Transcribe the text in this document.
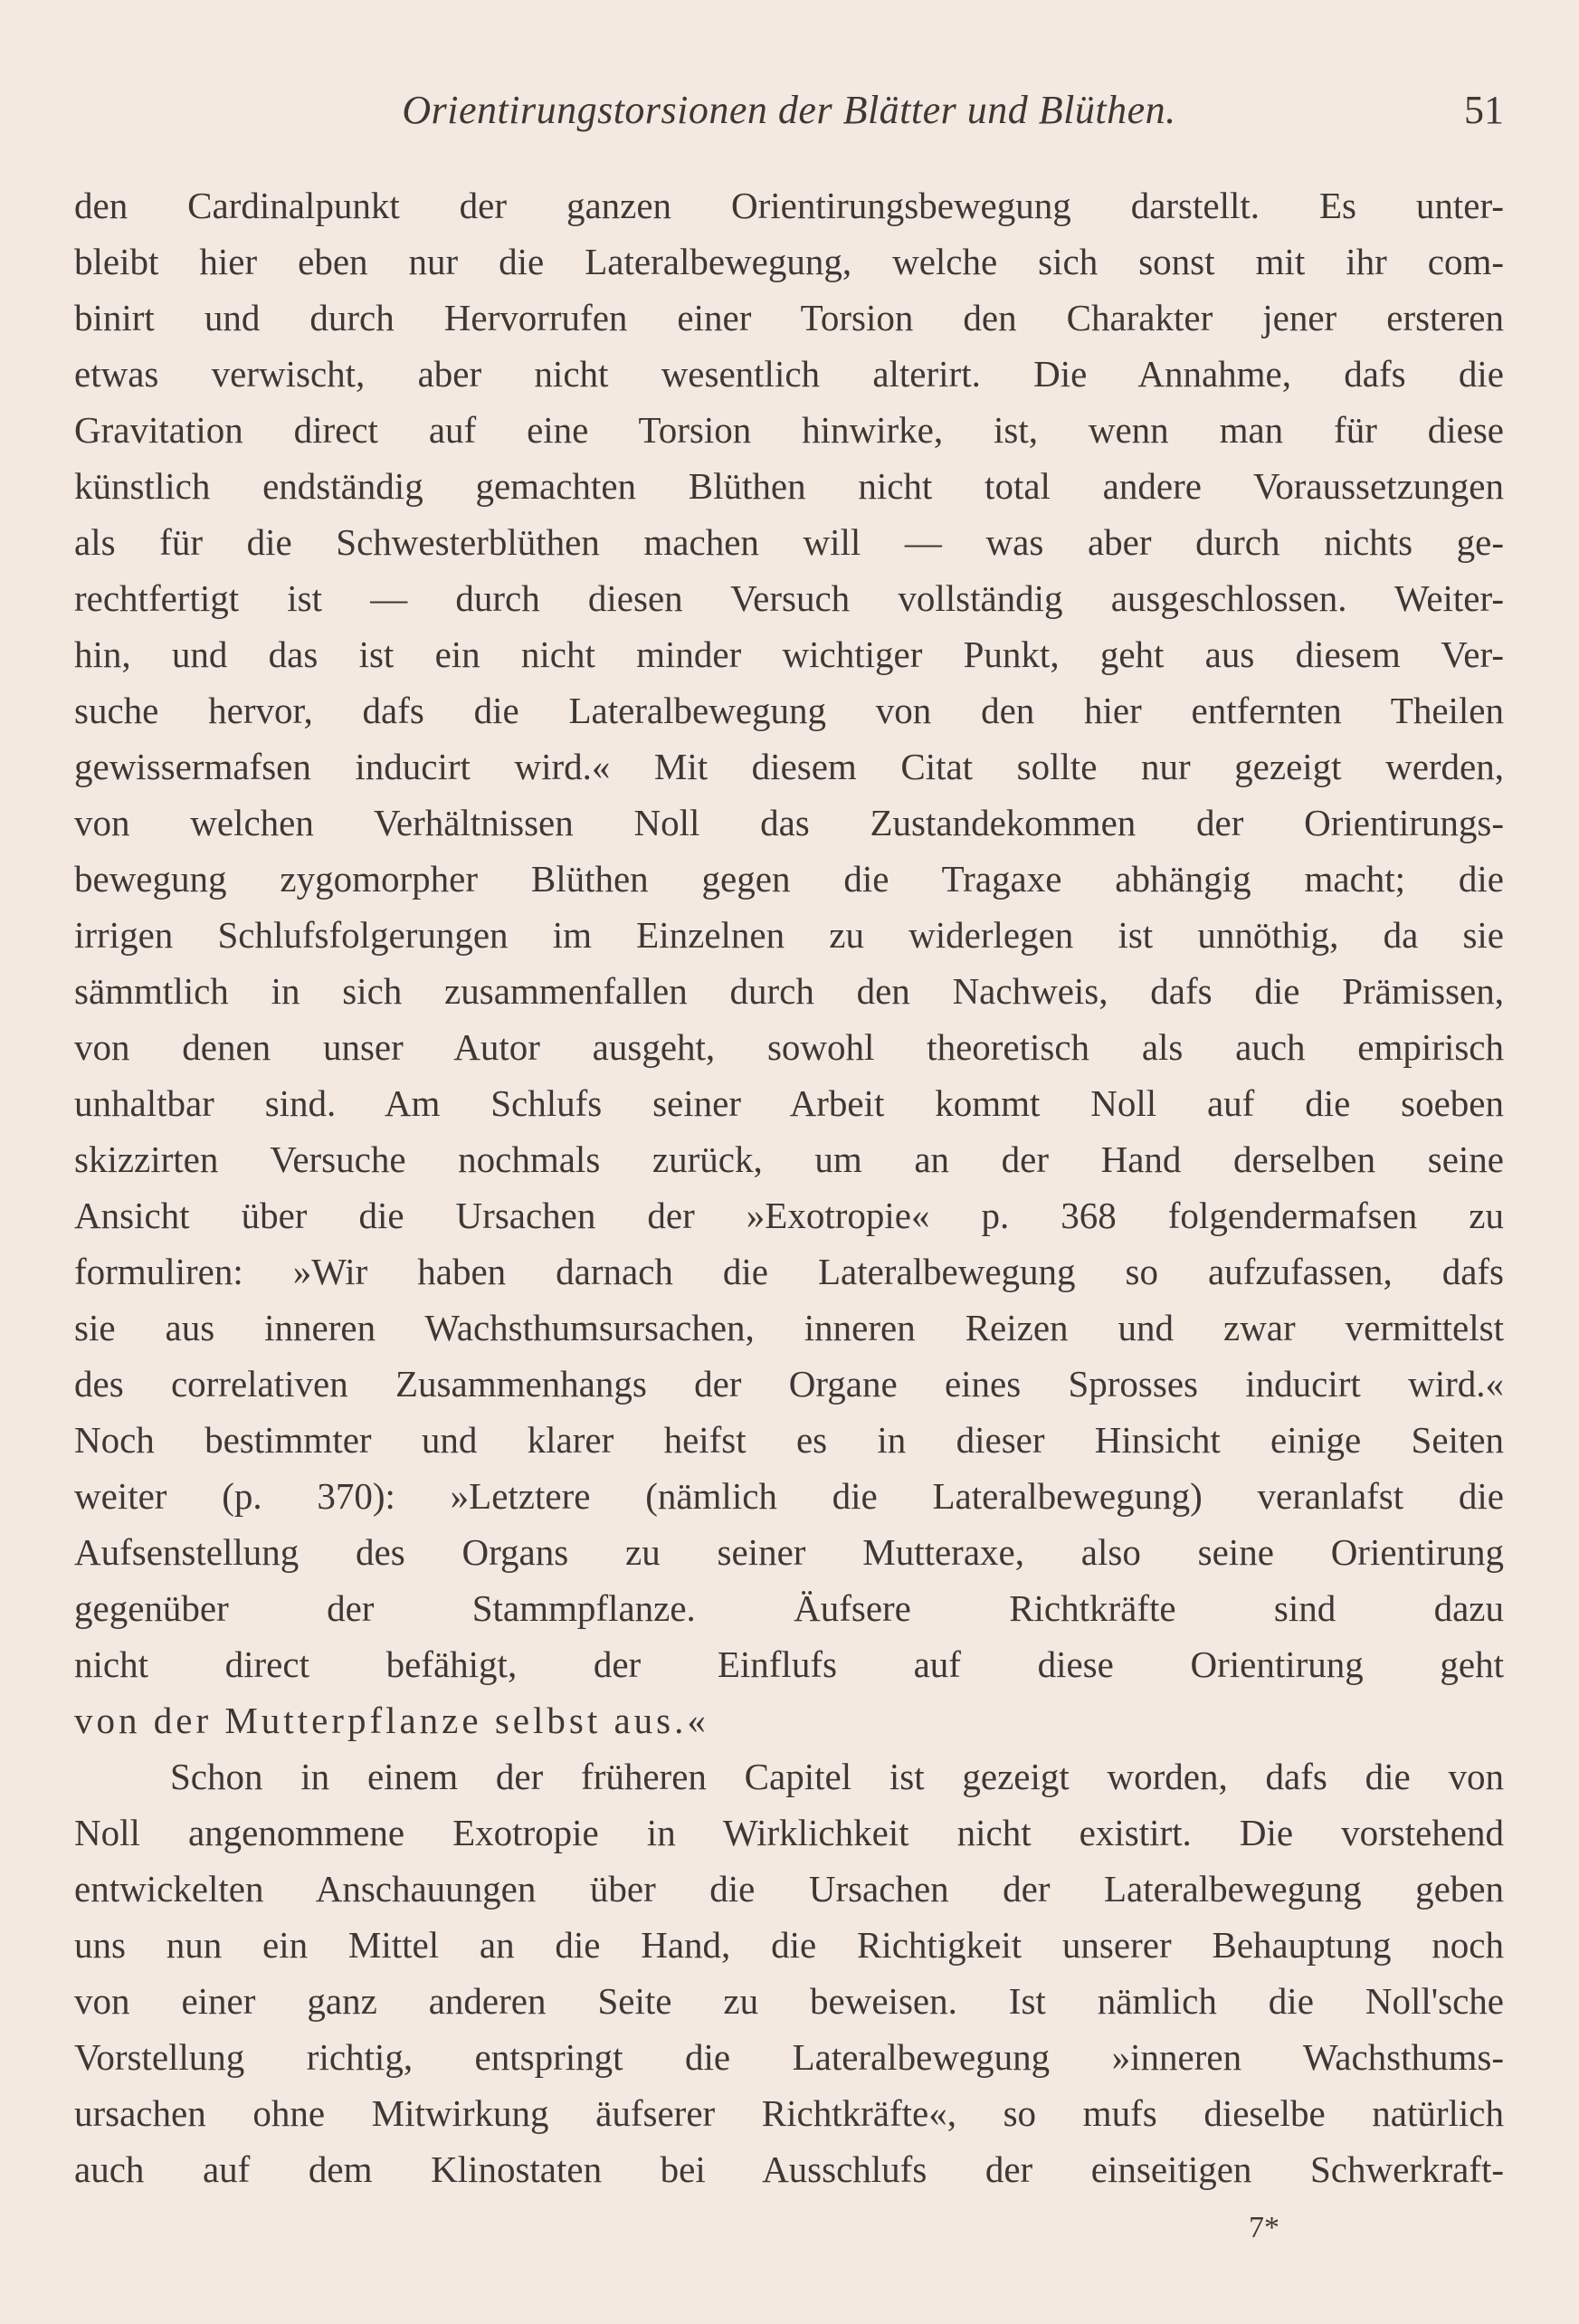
Orientirungstorsionen der Blätter und Blüthen.	51
den Cardinalpunkt der ganzen Orientirungsbewegung darstellt. Es unter-
bleibt hier eben nur die Lateralbewegung, welche sich sonst mit ihr com-
binirt und durch Hervorrufen einer Torsion den Charakter jener ersteren
etwas verwischt, aber nicht wesentlich alterirt. Die Annahme, dafs die
Gravitation direct auf eine Torsion hinwirke, ist, wenn man für diese
künstlich endständig gemachten Blüthen nicht total andere Voraussetzungen
als für die Schwesterblüthen machen will — was aber durch nichts ge-
rechtfertigt ist — durch diesen Versuch vollständig ausgeschlossen. Weiter-
hin, und das ist ein nicht minder wichtiger Punkt, geht aus diesem Ver-
suche hervor, dafs die Lateralbewegung von den hier entfernten Theilen
gewissermafsen inducirt wird.« Mit diesem Citat sollte nur gezeigt werden,
von welchen Verhältnissen Noll das Zustandekommen der Orientirungs-
bewegung zygomorpher Blüthen gegen die Tragaxe abhängig macht; die
irrigen Schlufsfolgerungen im Einzelnen zu widerlegen ist unnöthig, da sie
sämmtlich in sich zusammenfallen durch den Nachweis, dafs die Prämissen,
von denen unser Autor ausgeht, sowohl theoretisch als auch empirisch
unhaltbar sind. Am Schlufs seiner Arbeit kommt Noll auf die soeben
skizzirten Versuche nochmals zurück, um an der Hand derselben seine
Ansicht über die Ursachen der »Exotropie« p. 368 folgendermafsen zu
formuliren: »Wir haben darnach die Lateralbewegung so aufzufassen, dafs
sie aus inneren Wachsthumsursachen, inneren Reizen und zwar vermittelst
des correlativen Zusammenhangs der Organe eines Sprosses inducirt wird.«
Noch bestimmter und klarer heifst es in dieser Hinsicht einige Seiten
weiter (p. 370): »Letztere (nämlich die Lateralbewegung) veranlafst die
Aufsenstellung des Organs zu seiner Mutteraxe, also seine Orientirung
gegenüber der Stammpflanze. Äufsere Richtkräfte sind dazu
nicht direct befähigt, der Einflufs auf diese Orientirung geht
von der Mutterpflanze selbst aus.«
Schon in einem der früheren Capitel ist gezeigt worden, dafs die von
Noll angenommene Exotropie in Wirklichkeit nicht existirt. Die vorstehend
entwickelten Anschauungen über die Ursachen der Lateralbewegung geben
uns nun ein Mittel an die Hand, die Richtigkeit unserer Behauptung noch
von einer ganz anderen Seite zu beweisen. Ist nämlich die Noll'sche
Vorstellung richtig, entspringt die Lateralbewegung »inneren Wachsthums-
ursachen ohne Mitwirkung äufserer Richtkräfte«, so mufs dieselbe natürlich
auch auf dem Klinostaten bei Ausschlufs der einseitigen Schwerkraft-
7*
